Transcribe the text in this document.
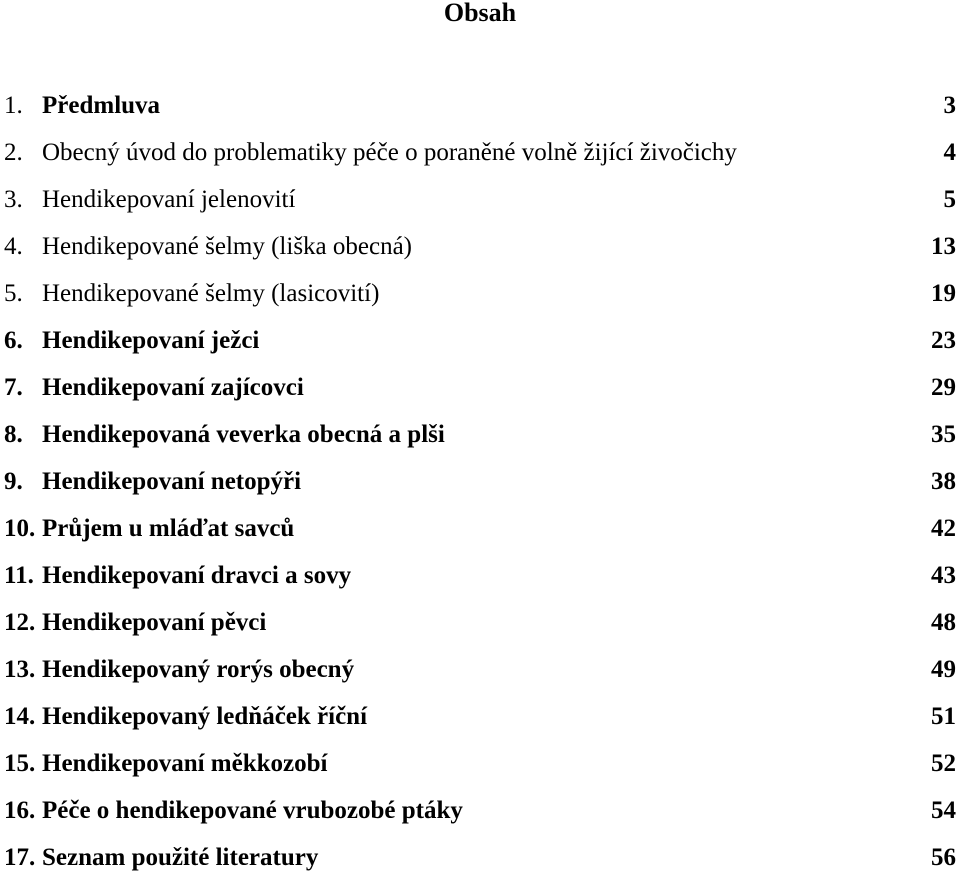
Obsah
1. Předmluva	3
2. Obecný úvod do problematiky péče o poraněné volně žijící živočichy	4
3. Hendikepovaní jelenovití	5
4. Hendikepované šelmy (liška obecná)	13
5. Hendikepované šelmy (lasicovití)	19
6. Hendikepovaní ježci	23
7. Hendikepovaní zajícovci	29
8. Hendikepovaná veverka obecná a plši	35
9. Hendikepovaní netopýři	38
10. Průjem u mláďat savců	42
11. Hendikepovaní dravci a sovy	43
12. Hendikepovaní pěvci	48
13. Hendikepovaný rorýs obecný	49
14. Hendikepovaný ledňáček říční	51
15. Hendikepovaní měkkozobí	52
16. Péče o hendikepované vrubozobé ptáky	54
17. Seznam použité literatury	56
